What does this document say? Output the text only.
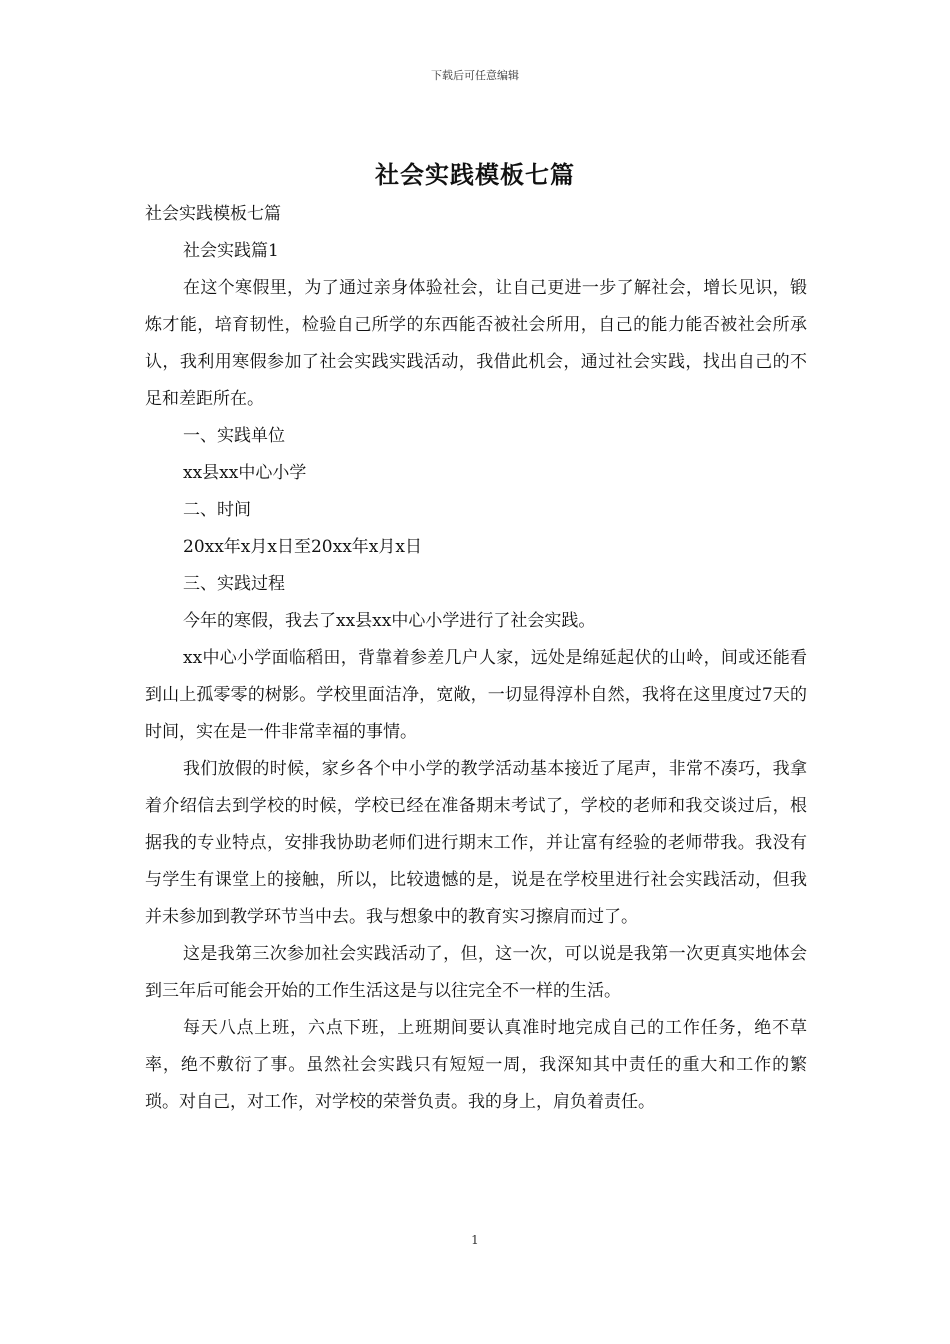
下载后可任意编辑
社会实践模板七篇

社会实践模板七篇

社会实践篇1

在这个寒假里，为了通过亲身体验社会，让自己更进一步了解社会，增长见识，锻炼才能，培育韧性，检验自己所学的东西能否被社会所用，自己的能力能否被社会所承认，我利用寒假参加了社会实践实践活动，我借此机会，通过社会实践，找出自己的不足和差距所在。

一、实践单位

xx县xx中心小学

二、时间

20xx年x月x日至20xx年x月x日

三、实践过程

今年的寒假，我去了xx县xx中心小学进行了社会实践。

xx中心小学面临稻田，背靠着参差几户人家，远处是绵延起伏的山岭，间或还能看到山上孤零零的树影。学校里面洁净，宽敞，一切显得淳朴自然，我将在这里度过7天的时间，实在是一件非常幸福的事情。

我们放假的时候，家乡各个中小学的教学活动基本接近了尾声，非常不凑巧，我拿着介绍信去到学校的时候，学校已经在准备期末考试了，学校的老师和我交谈过后，根据我的专业特点，安排我协助老师们进行期末工作，并让富有经验的老师带我。我没有与学生有课堂上的接触，所以，比较遗憾的是，说是在学校里进行社会实践活动，但我并未参加到教学环节当中去。我与想象中的教育实习擦肩而过了。

这是我第三次参加社会实践活动了，但，这一次，可以说是我第一次更真实地体会到三年后可能会开始的工作生活这是与以往完全不一样的生活。

每天八点上班，六点下班，上班期间要认真准时地完成自己的工作任务，绝不草率，绝不敷衍了事。虽然社会实践只有短短一周，我深知其中责任的重大和工作的繁琐。对自己，对工作，对学校的荣誉负责。我的身上，肩负着责任。

1
